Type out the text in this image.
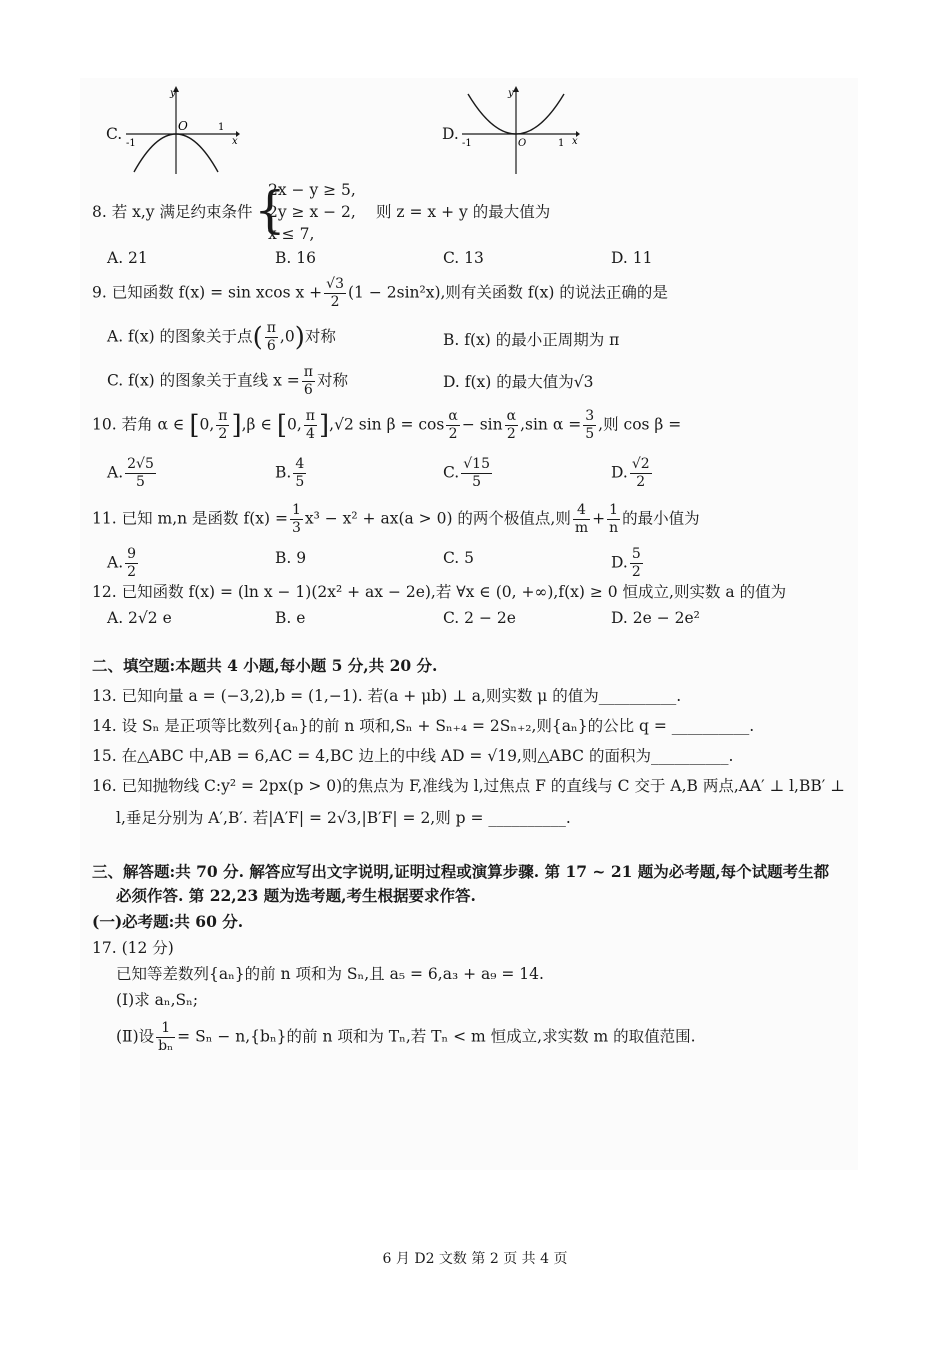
C.
y
x
O
-1
1	D.
y
x
O
-1	1
8. 若 x,y 满足约束条件 {
2x − y ≥ 5,
2y ≥ x − 2,
x ≤ 7,
则 z = x + y 的最大值为
A. 21	B. 16	C. 13	D. 11
9. 已知函数 f(x) = sin xcos $x + \frac{√3}{2} (1 - 2\sin^2x)$,则有关函数 f(x) 的说法正确的是
A. f(x) 的图象关于点( $\frac{\pi}{6} ,0$)对称	B. f(x) 的最小正周期为 π
C. f(x) 的图象关于直线 $x = \frac{\pi}{6}$ 对称	D. f(x) 的最大值为√3
10. 若角 α ∈ [0, $\frac{\pi}{2} ],\beta$ ∈ [0, $\frac{\pi}{4} ],√2$ $\sin \beta = \cos \frac{\alpha}{2} - \sin \frac{\alpha}{2} ,\sin$ $\alpha = \frac{3}{5}$ ,则 cos β =
A. $\frac{2√5}{5}$	B. $\frac{4}{5}$	C. $\frac{√15}{5}$	D. $\frac{√2}{2}$
11. 已知 m,n 是函数 $f(x) = \frac{1}{3} x^3 - x^2 + ax(a > 0)$ 的两个极值点,则 $\frac{4}{m} + \frac{1}{n}$ 的最小值为
A. $\frac{9}{2}$	B. 9	C. 5	D. $\frac{5}{2}$
12. 已知函数 f(x) = (ln x − 1)(2x² + ax − 2e),若 ∀x ∈ (0, +∞),f(x) ≥ 0 恒成立,则实数 a 的值为
A. 2√2 e	B. e	C. 2 − 2e	D. 2e − 2e²
二、填空题:本题共 4 小题,每小题 5 分,共 20 分.
13. 已知向量 a = (−3,2),b = (1,−1). 若(a + μb) ⊥ a,则实数 μ 的值为__________.
14. 设 Sₙ 是正项等比数列{aₙ}的前 n 项和,Sₙ + Sₙ₊₄ = 2Sₙ₊₂,则{aₙ}的公比 q = __________.
15. 在△ABC 中,AB = 6,AC = 4,BC 边上的中线 AD = √19,则△ABC 的面积为__________.
16. 已知抛物线 C:y² = 2px(p > 0)的焦点为 F,准线为 l,过焦点 F 的直线与 C 交于 A,B 两点,AA′ ⊥ l,BB′ ⊥
l,垂足分别为 A′,B′. 若|A′F| = 2√3,|B′F| = 2,则 p = __________.
三、解答题:共 70 分. 解答应写出文字说明,证明过程或演算步骤. 第 17 ~ 21 题为必考题,每个试题考生都
必须作答. 第 22,23 题为选考题,考生根据要求作答.
(一)必考题:共 60 分.
17. (12 分)
已知等差数列{aₙ}的前 n 项和为 Sₙ,且 a₅ = 6,a₃ + a₉ = 14.
(Ⅰ)求 aₙ,Sₙ;
(Ⅱ)设 $\frac{1}{\text{bₙ}} = S_n - n,\{b_n\}$的前 n 项和为 Tₙ,若 Tₙ < m 恒成立,求实数 m 的取值范围.
6 月 D2 文数 第 2 页 共 4 页
